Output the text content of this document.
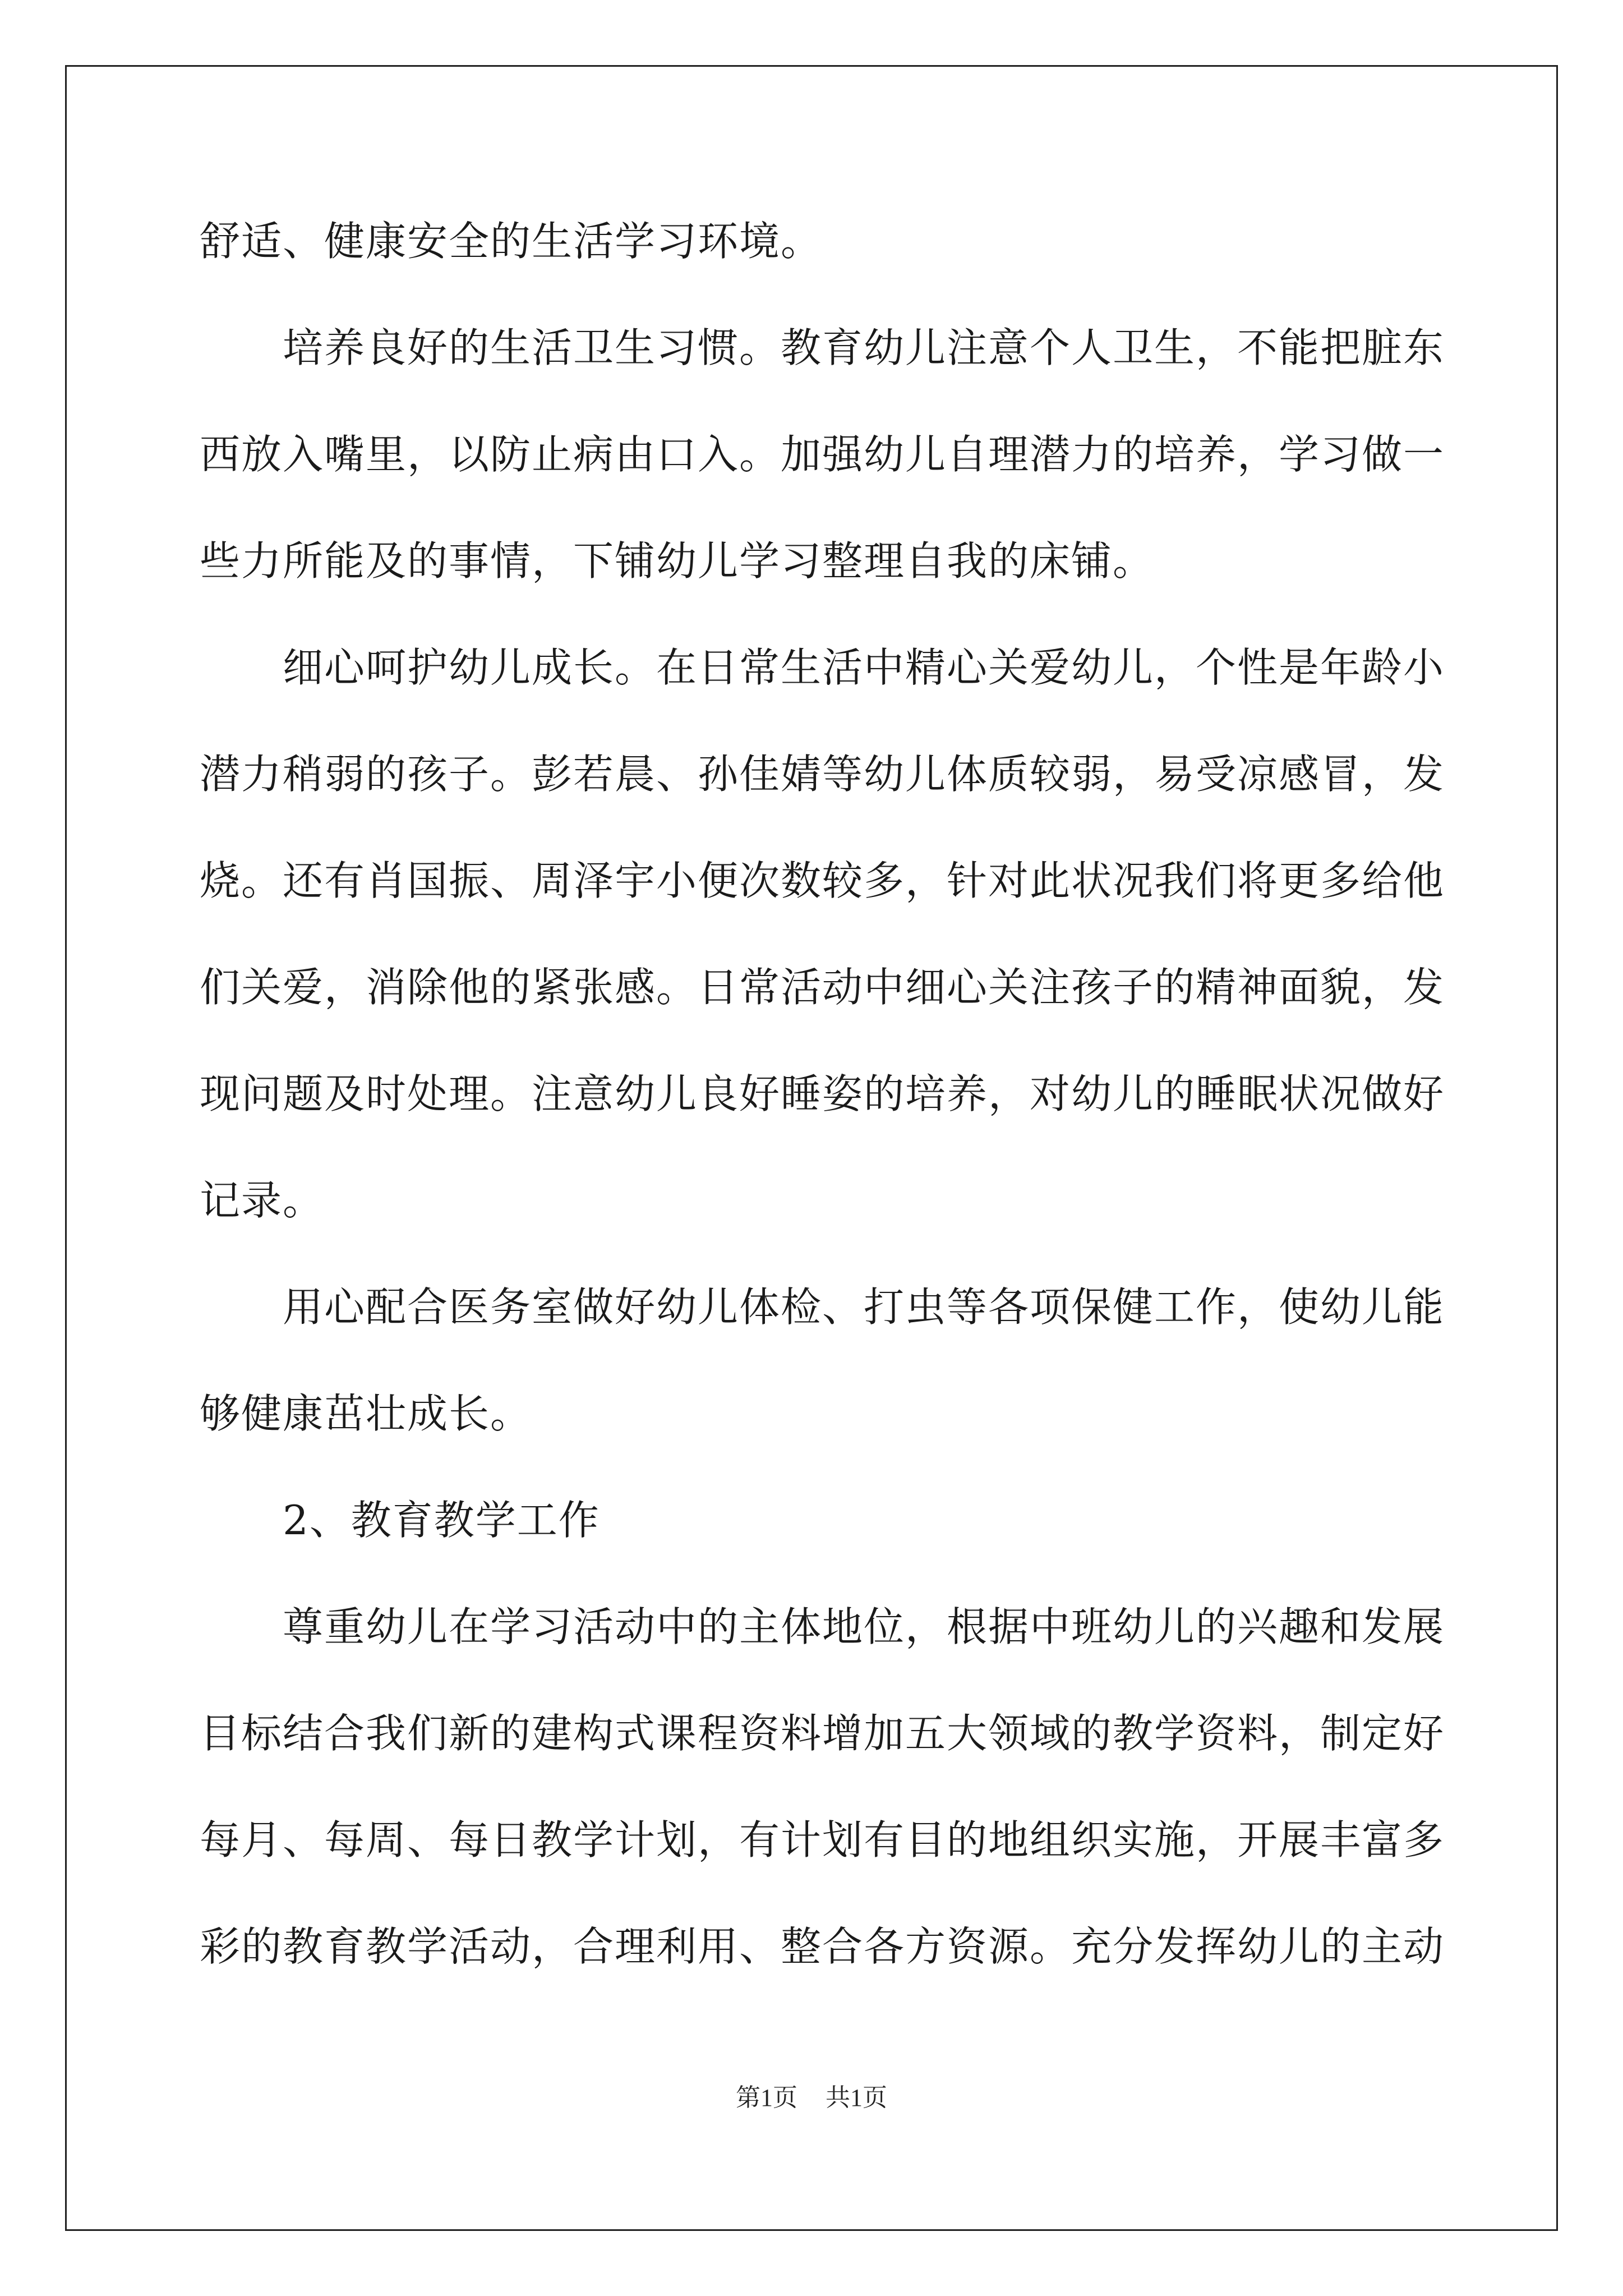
舒适、健康安全的生活学习环境。
培养良好的生活卫生习惯。教育幼儿注意个人卫生，不能把脏东
西放入嘴里，以防止病由口入。加强幼儿自理潜力的培养，学习做一
些力所能及的事情，下铺幼儿学习整理自我的床铺。
细心呵护幼儿成长。在日常生活中精心关爱幼儿，个性是年龄小
潜力稍弱的孩子。彭若晨、孙佳婧等幼儿体质较弱，易受凉感冒，发
烧。还有肖国振、周泽宇小便次数较多，针对此状况我们将更多给他
们关爱，消除他的紧张感。日常活动中细心关注孩子的精神面貌，发
现问题及时处理。注意幼儿良好睡姿的培养，对幼儿的睡眠状况做好
记录。
用心配合医务室做好幼儿体检、打虫等各项保健工作，使幼儿能
够健康茁壮成长。
2、教育教学工作
尊重幼儿在学习活动中的主体地位，根据中班幼儿的兴趣和发展
目标结合我们新的建构式课程资料增加五大领域的教学资料，制定好
每月、每周、每日教学计划，有计划有目的地组织实施，开展丰富多
彩的教育教学活动，合理利用、整合各方资源。充分发挥幼儿的主动
第1页 共1页
